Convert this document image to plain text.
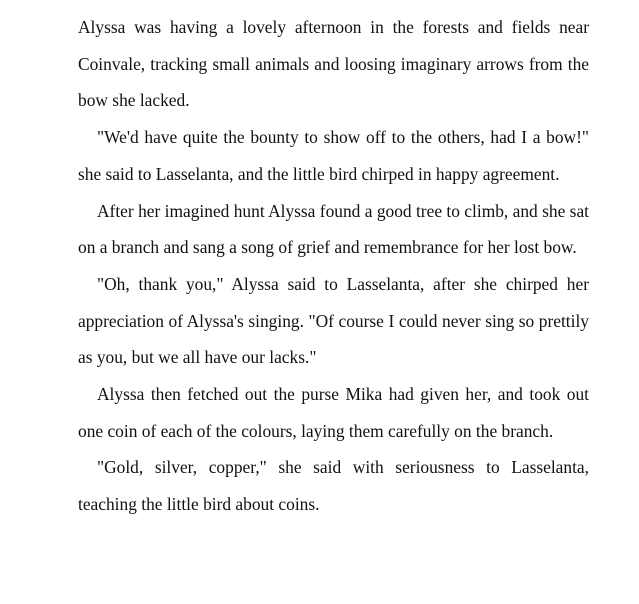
Alyssa was having a lovely afternoon in the forests and fields near Coinvale, tracking small animals and loosing imaginary arrows from the bow she lacked.

"We'd have quite the bounty to show off to the others, had I a bow!" she said to Lasselanta, and the little bird chirped in happy agreement.

After her imagined hunt Alyssa found a good tree to climb, and she sat on a branch and sang a song of grief and remembrance for her lost bow.

"Oh, thank you," Alyssa said to Lasselanta, after she chirped her appreciation of Alyssa's singing. "Of course I could never sing so prettily as you, but we all have our lacks."

Alyssa then fetched out the purse Mika had given her, and took out one coin of each of the colours, laying them carefully on the branch.

"Gold, silver, copper," she said with seriousness to Lasselanta, teaching the little bird about coins.
